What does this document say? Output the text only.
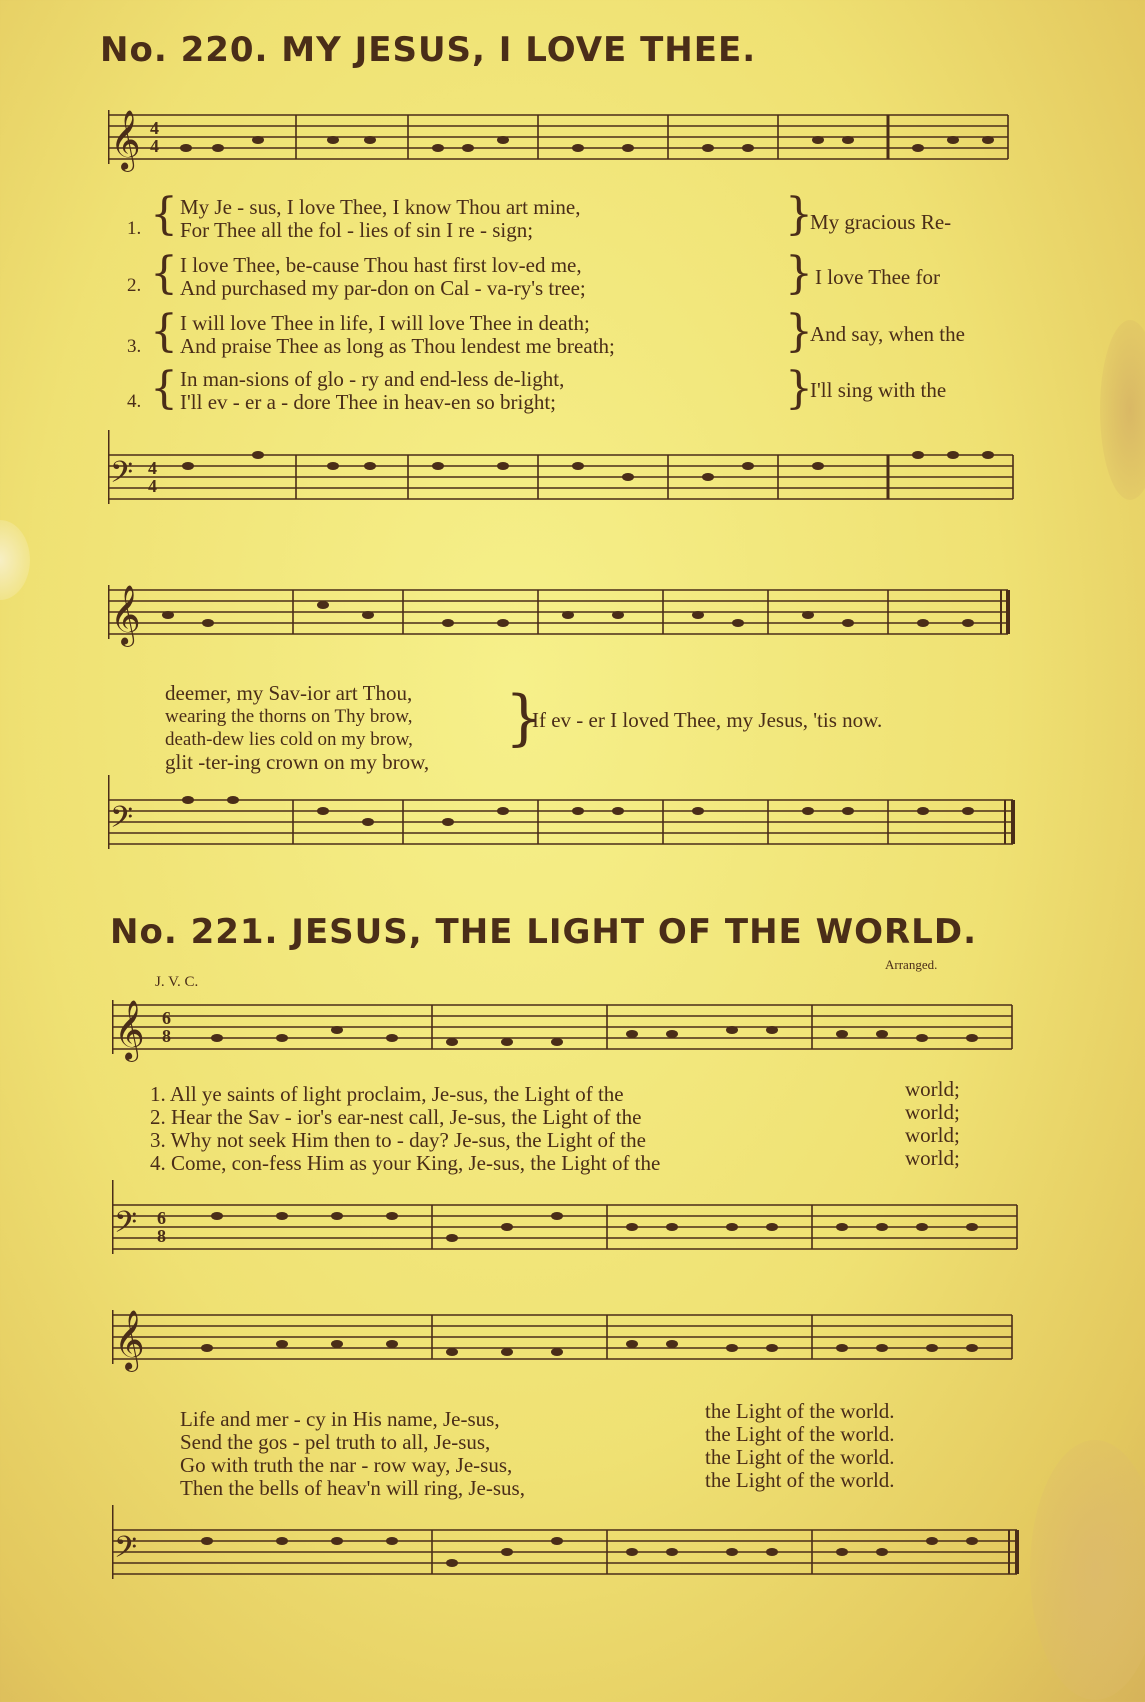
No. 220. MY JESUS, I LOVE THEE.
𝄞 4
4
1. { My Je - sus, I love Thee, I know Thou art mine,
For Thee all the fol - lies of sin I re - sign;	}
My gracious Re-
2. { I love Thee, be-cause Thou hast first lov-ed me,
And purchased my par-don on Cal - va-ry's tree;	} I love Thee for
3. { I will love Thee in life, I will love Thee in death;
And praise Thee as long as Thou lendest me breath;	}
And say, when the
4. { In man-sions of glo - ry and end-less de-light,
I'll ev - er a - dore Thee in heav-en so bright;	}
I'll sing with the
𝄢 4
4
𝄞
deemer, my Sav-ior art Thou,
wearing the thorns on Thy brow,
death-dew lies cold on my brow,
glit -ter-ing crown on my brow,
}
If ev - er I loved Thee, my Jesus, 'tis now.
𝄢
No. 221. JESUS, THE LIGHT OF THE WORLD.
J. V. C.
Arranged.
𝄞 6
8
1. All ye saints of light proclaim, Je-sus, the Light of the
2. Hear the Sav - ior's ear-nest call, Je-sus, the Light of the
3. Why not seek Him then to - day? Je-sus, the Light of the
4. Come, con-fess Him as your King, Je-sus, the Light of the
world;
world;
world;
world;
𝄢 6
8
𝄞
Life and mer - cy in His name, Je-sus,
Send the gos - pel truth to all, Je-sus,
Go with truth the nar - row way, Je-sus,
Then the bells of heav'n will ring, Je-sus,
the Light of the world.
the Light of the world.
the Light of the world.
the Light of the world.
𝄢
